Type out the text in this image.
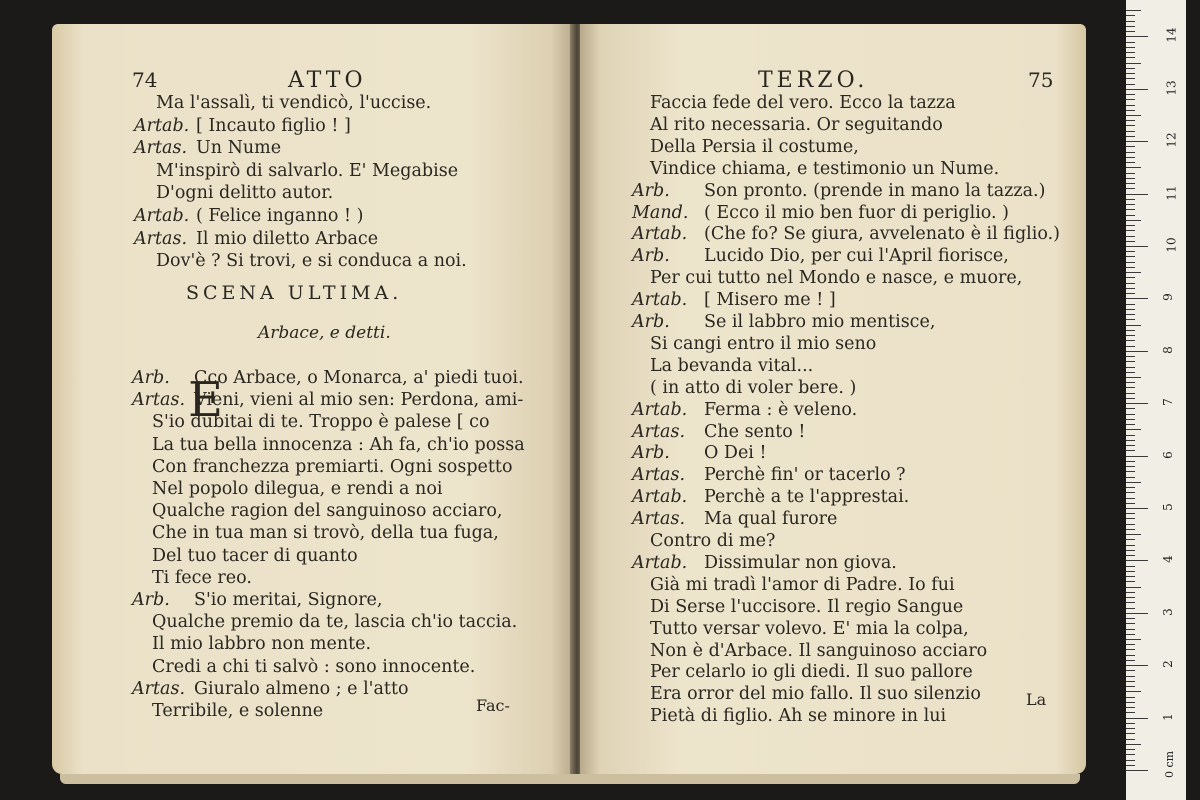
74	ATTO
Ma l'assalì, ti vendicò, l'uccise.
Artab. [ Incauto figlio ! ]
Artas. Un Nume
M'inspirò di salvarlo. E' Megabise
D'ogni delitto autor.
Artab. ( Felice inganno ! )
Artas. Il mio diletto Arbace
Dov'è ? Si trovi, e si conduca a noi.
SCENA ULTIMA.
Arbace, e detti.
E
Arb. Cco Arbace, o Monarca, a' piedi tuoi.
Artas. Vieni, vieni al mio sen: Perdona, ami-
S'io dubitai di te. Troppo è palese [ co
La tua bella innocenza : Ah fa, ch'io possa
Con franchezza premiarti. Ogni sospetto
Nel popolo dilegua, e rendi a noi
Qualche ragion del sanguinoso acciaro,
Che in tua man si trovò, della tua fuga,
Del tuo tacer di quanto
Ti fece reo.
Arb. S'io meritai, Signore,
Qualche premio da te, lascia ch'io taccia.
Il mio labbro non mente.
Credi a chi ti salvò : sono innocente.
Artas. Giuralo almeno ; e l'atto
Terribile, e solenne	Fac-
TERZO.	75
Faccia fede del vero. Ecco la tazza
Al rito necessaria. Or seguitando
Della Persia il costume,
Vindice chiama, e testimonio un Nume.
Arb. Son pronto. (prende in mano la tazza.)
Mand. ( Ecco il mio ben fuor di periglio. )
Artab. (Che fo? Se giura, avvelenato è il figlio.)
Arb. Lucido Dio, per cui l'April fiorisce,
Per cui tutto nel Mondo e nasce, e muore,
Artab. [ Misero me ! ]
Arb. Se il labbro mio mentisce,
Si cangi entro il mio seno
La bevanda vital...
( in atto di voler bere. )
Artab. Ferma : è veleno.
Artas. Che sento !
Arb. O Dei !
Artas. Perchè fin' or tacerlo ?
Artab. Perchè a te l'apprestai.
Artas. Ma qual furore
Contro di me?
Artab. Dissimular non giova.
Già mi tradì l'amor di Padre. Io fui
Di Serse l'uccisore. Il regio Sangue
Tutto versar volevo. E' mia la colpa,
Non è d'Arbace. Il sanguinoso acciaro
Per celarlo io gli diedi. Il suo pallore
Era orror del mio fallo. Il suo silenzio
Pietà di figlio. Ah se minore in lui
La
0 cm
1
2
3
4
5
6
7
8
9
10
11
12
13
14
